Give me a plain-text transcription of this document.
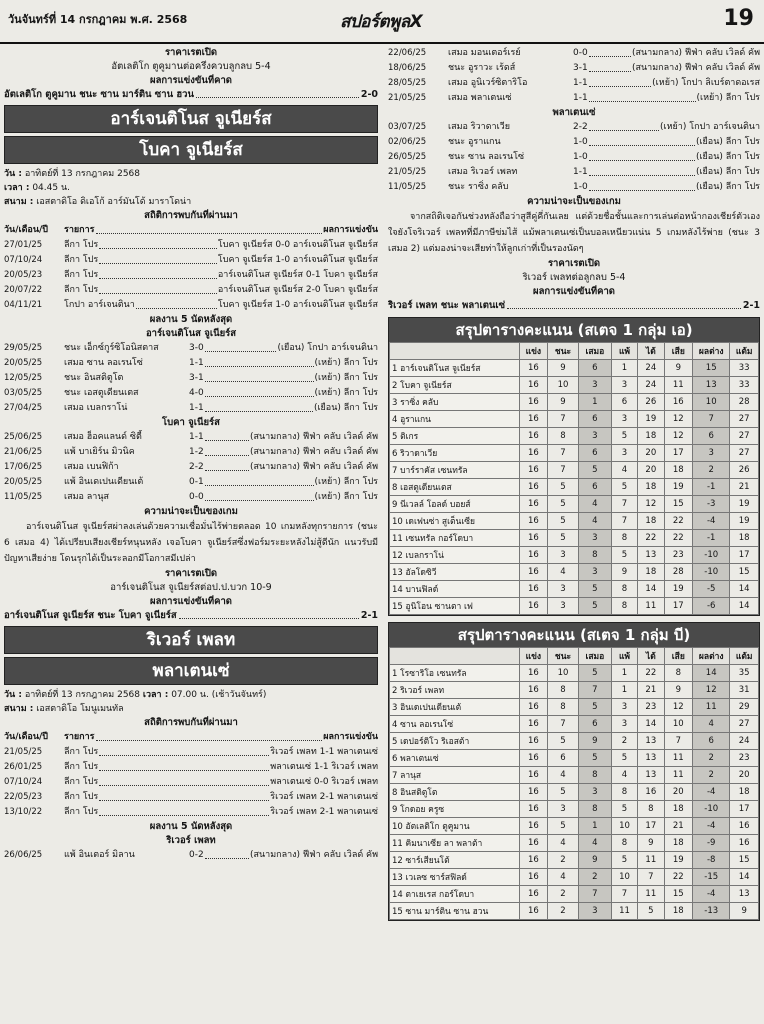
วันจันทร์ที่ 14 กรกฎาคม พ.ศ. 2568	สปอร์ตพูลX	19
ราคาเรตเปิด
อัตเลติโก ตูคูมานต่อครึ่งควบลูกลบ 5-4
ผลการแข่งขันที่คาด
อัตเลติโก ตูคูมาน ชนะ ซาน มาร์ติน ซาน ฮวน	2-0
อาร์เจนติโนส จูเนียร์ส
โบคา จูเนียร์ส
วัน : อาทิตย์ที่ 13 กรกฎาคม 2568
เวลา : 04.45 น.
สนาม : เอสตาดิโอ ดิเอโก้ อาร์มันโด้ มาราโดน่า
สถิติการพบกันที่ผ่านมา
วัน/เดือน/ปี	รายการ	ผลการแข่งขัน
27/01/25	ลีกา โปร	โบคา จูเนียร์ส 0-0 อาร์เจนติโนส จูเนียร์ส
07/10/24	ลีกา โปร	โบคา จูเนียร์ส 1-0 อาร์เจนติโนส จูเนียร์ส
20/05/23	ลีกา โปร	อาร์เจนติโนส จูเนียร์ส 0-1 โบคา จูเนียร์ส
20/07/22	ลีกา โปร	อาร์เจนติโนส จูเนียร์ส 2-0 โบคา จูเนียร์ส
04/11/21	โกปา อาร์เจนตินา	โบคา จูเนียร์ส 1-0 อาร์เจนติโนส จูเนียร์ส
ผลงาน 5 นัดหลังสุด
อาร์เจนติโนส จูเนียร์ส
29/05/25	ชนะ เอ็กซ์กูร์ซิโอนิสตาส	3-0	(เยือน) โกปา อาร์เจนตินา
20/05/25	เสมอ ซาน ลอเรนโซ่	1-1	(เหย้า) ลีกา โปร
12/05/25	ชนะ อินสติตูโต	3-1	(เหย้า) ลีกา โปร
03/05/25	ชนะ เอสตูเดียนเตส	4-0	(เหย้า) ลีกา โปร
27/04/25	เสมอ เบลกราโน่	1-1	(เยือน) ลีกา โปร
โบคา จูเนียร์ส
25/06/25	เสมอ ฮ็อคแลนด์ ซิตี้	1-1	(สนามกลาง) ฟีฟ่า คลับ เวิลด์ คัพ
21/06/25	แพ้ บาเยิร์น มิวนิค	1-2	(สนามกลาง) ฟีฟ่า คลับ เวิลด์ คัพ
17/06/25	เสมอ เบนฟิก้า	2-2	(สนามกลาง) ฟีฟ่า คลับ เวิลด์ คัพ
20/05/25	แพ้ อินเดเปนเดียนเต้	0-1	(เหย้า) ลีกา โปร
11/05/25	เสมอ ลานุส	0-0	(เหย้า) ลีกา โปร
ความน่าจะเป็นของเกม
อาร์เจนติโนส จูเนียร์สผ่าลงเล่นด้วยความเชื่อมั่นไร้พ่ายตลอด 10 เกมหลังทุกรายการ (ชนะ 6 เสมอ 4) ได้เปรียบเสียงเชียร์หนุนหลัง เจอโบคา จูเนียร์สซึ่งฟอร์มระยะหลังไม่สู้ดีนัก แนวรับมีปัญหาเสียง่าย โดนรุกได้เป็นระลอกมีโอกาสมีเปล่า
ราคาเรตเปิด
อาร์เจนติโนส จูเนียร์สต่อป.ป.บวก 10-9
ผลการแข่งขันที่คาด
อาร์เจนติโนส จูเนียร์ส ชนะ โบคา จูเนียร์ส	2-1
ริเวอร์ เพลท
พลาเตนเซ่
วัน : อาทิตย์ที่ 13 กรกฎาคม 2568 เวลา : 07.00 น. (เช้าวันจันทร์)
สนาม : เอสตาดิโอ โมนูเมนทัล
สถิติการพบกันที่ผ่านมา
วัน/เดือน/ปี	รายการ	ผลการแข่งขัน
21/05/25	ลีกา โปร	ริเวอร์ เพลท 1-1 พลาเตนเซ่
26/01/25	ลีกา โปร	พลาเตนเซ่ 1-1 ริเวอร์ เพลท
07/10/24	ลีกา โปร	พลาเตนเซ่ 0-0 ริเวอร์ เพลท
22/05/23	ลีกา โปร	ริเวอร์ เพลท 2-1 พลาเตนเซ่
13/10/22	ลีกา โปร	ริเวอร์ เพลท 2-1 พลาเตนเซ่
ผลงาน 5 นัดหลังสุด
ริเวอร์ เพลท
26/06/25	แพ้ อินเตอร์ มิลาน	0-2	(สนามกลาง) ฟีฟ่า คลับ เวิลด์ คัพ
22/06/25	เสมอ มอนเตอร์เรย์	0-0	(สนามกลาง) ฟีฟ่า คลับ เวิลด์ คัพ
18/06/25	ชนะ อูราวะ เร้ดส์	3-1	(สนามกลาง) ฟีฟ่า คลับ เวิลด์ คัพ
28/05/25	เสมอ อูนิเวร์ซิตาริโอ	1-1	(เหย้า) โกปา ลิเบร์ตาดอเรส
21/05/25	เสมอ พลาเตนเซ่	1-1	(เหย้า) ลีกา โปร
พลาเตนเซ่
03/07/25	เสมอ ริวาดาเวีย	2-2	(เหย้า) โกปา อาร์เจนตินา
02/06/25	ชนะ อูราแกน	1-0	(เยือน) ลีกา โปร
26/05/25	ชนะ ซาน ลอเรนโซ่	1-0	(เยือน) ลีกา โปร
21/05/25	เสมอ ริเวอร์ เพลท	1-1	(เยือน) ลีกา โปร
11/05/25	ชนะ ราซิ่ง คลับ	1-0	(เยือน) ลีกา โปร
ความน่าจะเป็นของเกม
จากสถิติเจอกันช่วงหลังถือว่าสูสีคู่คี่กันเลย แต่ด้วยชื่อชั้นและการเล่นต่อหน้ากองเชียร์ตัวเองใจยังโจริเวอร์ เพลทที่มีภาษีข่มไส้ แม้พลาเตนเซ่เป็นบอลเหนียวแน่น 5 เกมหลังไร้พ่าย (ชนะ 3 เสมอ 2) แต่มองน่าจะเสียท่าให้ลูกเก่าที่เป็นรองนัดๆ
ราคาเรตเปิด
ริเวอร์ เพลทต่อลูกลบ 5-4
ผลการแข่งขันที่คาด
ริเวอร์ เพลท ชนะ พลาเตนเซ่	2-1
สรุปตารางคะแนน (สเตจ 1 กลุ่ม เอ)
	แข่ง	ชนะ	เสมอ	แพ้	ได้	เสีย	ผลต่าง	แต้ม
1 อาร์เจนติโนส จูเนียร์ส	16	9	6	1	24	9	15	33
2 โบคา จูเนียร์ส	16	10	3	3	24	11	13	33
3 ราซิ่ง คลับ	16	9	1	6	26	16	10	28
4 อูราแกน	16	7	6	3	19	12	7	27
5 ติเกร	16	8	3	5	18	12	6	27
6 ริวาดาเวีย	16	7	6	3	20	17	3	27
7 บาร์ราคัส เซนทรัล	16	7	5	4	20	18	2	26
8 เอสตูเดียนเตส	16	5	6	5	18	19	-1	21
9 นีเวลล์ โอลด์ บอยส์	16	5	4	7	12	15	-3	19
10 เดเฟนซ่า สูเต็นเซีย	16	5	4	7	18	22	-4	19
11 เซนทรัล กอร์โดบา	16	5	3	8	22	22	-1	18
12 เบลกราโน่	16	3	8	5	13	23	-10	17
13 อัลโดซิวี	16	4	3	9	18	28	-10	15
14 บานฟิลด์	16	3	5	8	14	19	-5	14
15 อูนิโอน ซานตา เฟ	16	3	5	8	11	17	-6	14
สรุปตารางคะแนน (สเตจ 1 กลุ่ม บี)
	แข่ง	ชนะ	เสมอ	แพ้	ได้	เสีย	ผลต่าง	แต้ม
1 โรซาริโอ เซนทรัล	16	10	5	1	22	8	14	35
2 ริเวอร์ เพลท	16	8	7	1	21	9	12	31
3 อินเดเปนเดียนเต้	16	8	5	3	23	12	11	29
4 ซาน ลอเรนโซ่	16	7	6	3	14	10	4	27
5 เดปอร์ติโว ริเอสต้า	16	5	9	2	13	7	6	24
6 พลาเตนเซ่	16	6	5	5	13	11	2	23
7 ลานุส	16	4	8	4	13	11	2	20
8 อินสติตูโต	16	5	3	8	16	20	-4	18
9 โกดอย ครูซ	16	3	8	5	8	18	-10	17
10 อัตเลติโก ตูคูมาน	16	5	1	10	17	21	-4	16
11 คิมนาเซีย ลา พลาต้า	16	4	4	8	9	18	-9	16
12 ซาร์เสียนโต้	16	2	9	5	11	19	-8	15
13 เวเลซ ซาร์สฟิลด์	16	4	2	10	7	22	-15	14
14 ตาเยเรส กอร์โดบา	16	2	7	7	11	15	-4	13
15 ซาน มาร์ติน ซาน ฮวน	16	2	3	11	5	18	-13	9
